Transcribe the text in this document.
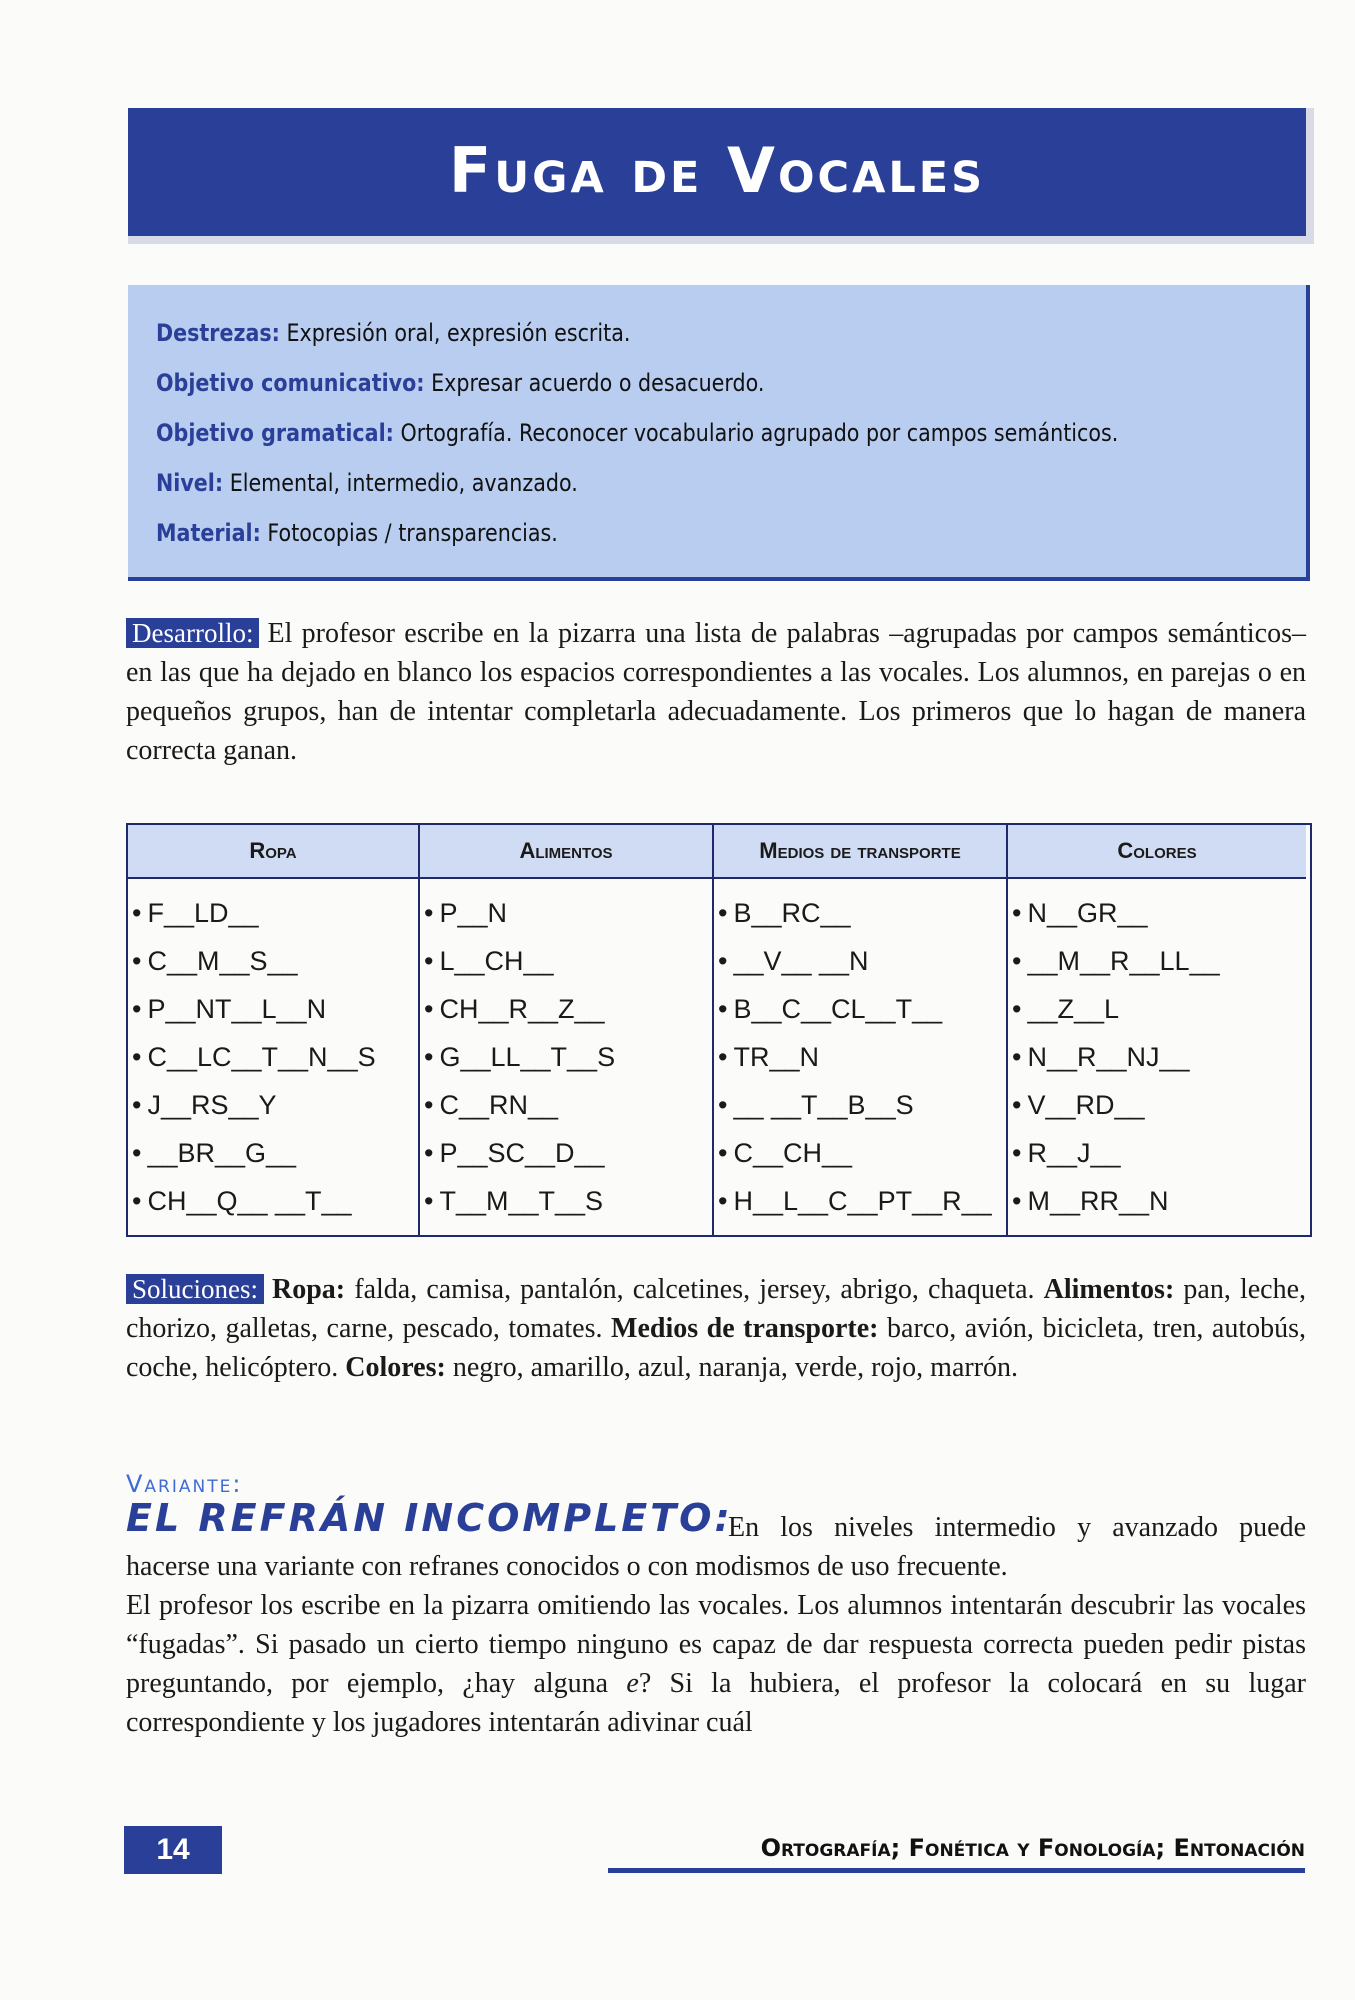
Fuga de Vocales
Destrezas: Expresión oral, expresión escrita.
Objetivo comunicativo: Expresar acuerdo o desacuerdo.
Objetivo gramatical: Ortografía. Reconocer vocabulario agrupado por campos semánticos.
Nivel: Elemental, intermedio, avanzado.
Material: Fotocopias / transparencias.
Desarrollo: El profesor escribe en la pizarra una lista de palabras –agrupadas por campos semánticos– en las que ha dejado en blanco los espacios correspondientes a las vocales. Los alumnos, en parejas o en pequeños grupos, han de intentar completarla adecuadamente. Los primeros que lo hagan de manera correcta ganan.
Ropa
• F__LD__
• C__M__S__
• P__NT__L__N
• C__LC__T__N__S
• J__RS__Y
• __BR__G__
• CH__Q__ __T__
Alimentos
• P__N
• L__CH__
• CH__R__Z__
• G__LL__T__S
• C__RN__
• P__SC__D__
• T__M__T__S
Medios de transporte
• B__RC__
• __V__ __N
• B__C__CL__T__
• TR__N
• __ __T__B__S
• C__CH__
• H__L__C__PT__R__
Colores
• N__GR__
• __M__R__LL__
• __Z__L
• N__R__NJ__
• V__RD__
• R__J__
• M__RR__N
Soluciones: Ropa: falda, camisa, pantalón, calcetines, jersey, abrigo, chaqueta. Alimentos: pan, leche, chorizo, galletas, carne, pescado, tomates. Medios de transporte: barco, avión, bicicleta, tren, autobús, coche, helicóptero. Colores: negro, amarillo, azul, naranja, verde, rojo, marrón.
Variante:
EL REFRÁN INCOMPLETO:
En los niveles intermedio y avanzado puede hacerse una variante con refranes conocidos o con modismos de uso frecuente.
El profesor los escribe en la pizarra omitiendo las vocales. Los alumnos intentarán descubrir las vocales “fugadas”. Si pasado un cierto tiempo ninguno es capaz de dar respuesta correcta pueden pedir pistas preguntando, por ejemplo, ¿hay alguna e? Si la hubiera, el profesor la colocará en su lugar correspondiente y los jugadores intentarán adivinar cuál
14	Ortografía; Fonética y Fonología; Entonación
